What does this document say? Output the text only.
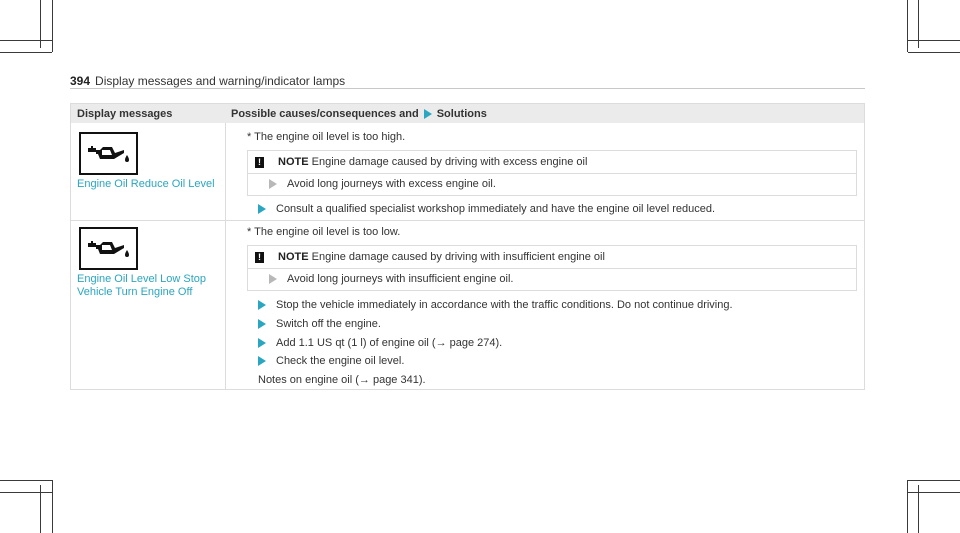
394 Display messages and warning/indicator lamps
Display messages	Possible causes/consequences and Solutions
Engine Oil Reduce Oil Level
* The engine oil level is too high.
! NOTE Engine damage caused by driving with excess engine oil
Avoid long journeys with excess engine oil.
Consult a qualified specialist workshop immediately and have the engine oil level reduced.
Engine Oil Level Low Stop
Vehicle Turn Engine Off
* The engine oil level is too low.
! NOTE Engine damage caused by driving with insufficient engine oil
Avoid long journeys with insufficient engine oil.
Stop the vehicle immediately in accordance with the traffic conditions. Do not continue driving.
Switch off the engine.
Add 1.1 US qt (1 l) of engine oil (→ page 274).
Check the engine oil level.
Notes on engine oil (→ page 341).
